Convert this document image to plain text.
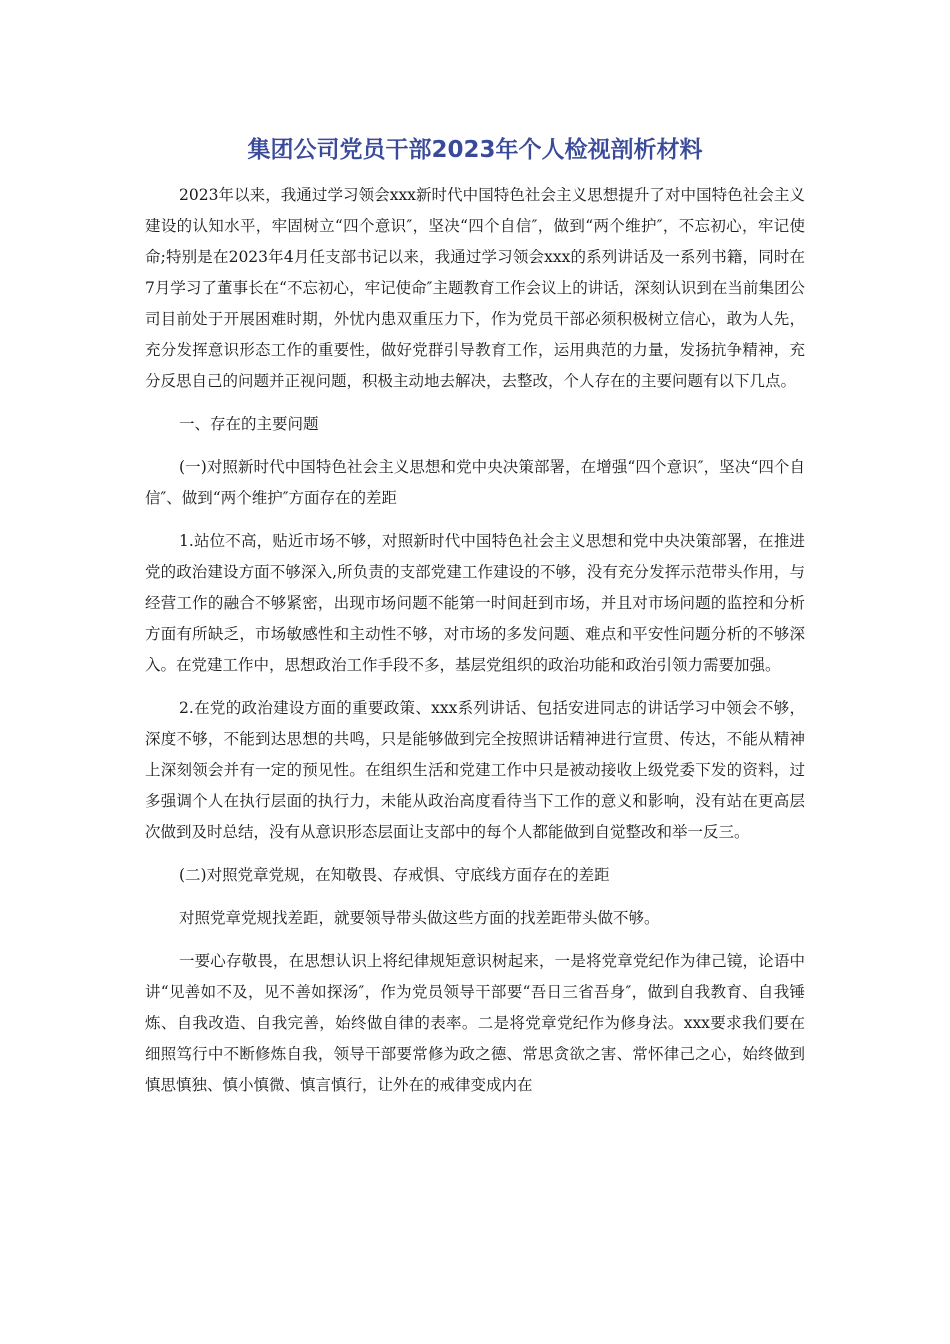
集团公司党员干部2023年个人检视剖析材料

2023年以来，我通过学习领会xxx新时代中国特色社会主义思想提升了对中国特色社会主义建设的认知水平，牢固树立“四个意识″，坚决“四个自信″，做到“两个维护″，不忘初心，牢记使命;特别是在2023年4月任支部书记以来，我通过学习领会xxx的系列讲话及一系列书籍，同时在7月学习了董事长在“不忘初心，牢记使命″主题教育工作会议上的讲话，深刻认识到在当前集团公司目前处于开展困难时期，外忧内患双重压力下，作为党员干部必须积极树立信心，敢为人先，充分发挥意识形态工作的重要性，做好党群引导教育工作，运用典范的力量，发扬抗争精神，充分反思自己的问题并正视问题，积极主动地去解决，去整改，个人存在的主要问题有以下几点。

一、存在的主要问题

(一)对照新时代中国特色社会主义思想和党中央决策部署，在增强“四个意识″，坚决“四个自信″、做到“两个维护″方面存在的差距

1.站位不高，贴近市场不够，对照新时代中国特色社会主义思想和党中央决策部署，在推进党的政治建设方面不够深入,所负责的支部党建工作建设的不够，没有充分发挥示范带头作用，与经营工作的融合不够紧密，出现市场问题不能第一时间赶到市场，并且对市场问题的监控和分析方面有所缺乏，市场敏感性和主动性不够，对市场的多发问题、难点和平安性问题分析的不够深入。在党建工作中，思想政治工作手段不多，基层党组织的政治功能和政治引领力需要加强。

2.在党的政治建设方面的重要政策、xxx系列讲话、包括安进同志的讲话学习中领会不够，深度不够，不能到达思想的共鸣，只是能够做到完全按照讲话精神进行宣贯、传达，不能从精神上深刻领会并有一定的预见性。在组织生活和党建工作中只是被动接收上级党委下发的资料，过多强调个人在执行层面的执行力，未能从政治高度看待当下工作的意义和影响，没有站在更高层次做到及时总结，没有从意识形态层面让支部中的每个人都能做到自觉整改和举一反三。

(二)对照党章党规，在知敬畏、存戒惧、守底线方面存在的差距

对照党章党规找差距，就要领导带头做这些方面的找差距带头做不够。

一要心存敬畏，在思想认识上将纪律规矩意识树起来，一是将党章党纪作为律己镜，论语中讲“见善如不及，见不善如探汤″，作为党员领导干部要“吾日三省吾身″，做到自我教育、自我锤炼、自我改造、自我完善，始终做自律的表率。二是将党章党纪作为修身法。xxx要求我们要在细照笃行中不断修炼自我，领导干部要常修为政之德、常思贪欲之害、常怀律己之心，始终做到慎思慎独、慎小慎微、慎言慎行，让外在的戒律变成内在
